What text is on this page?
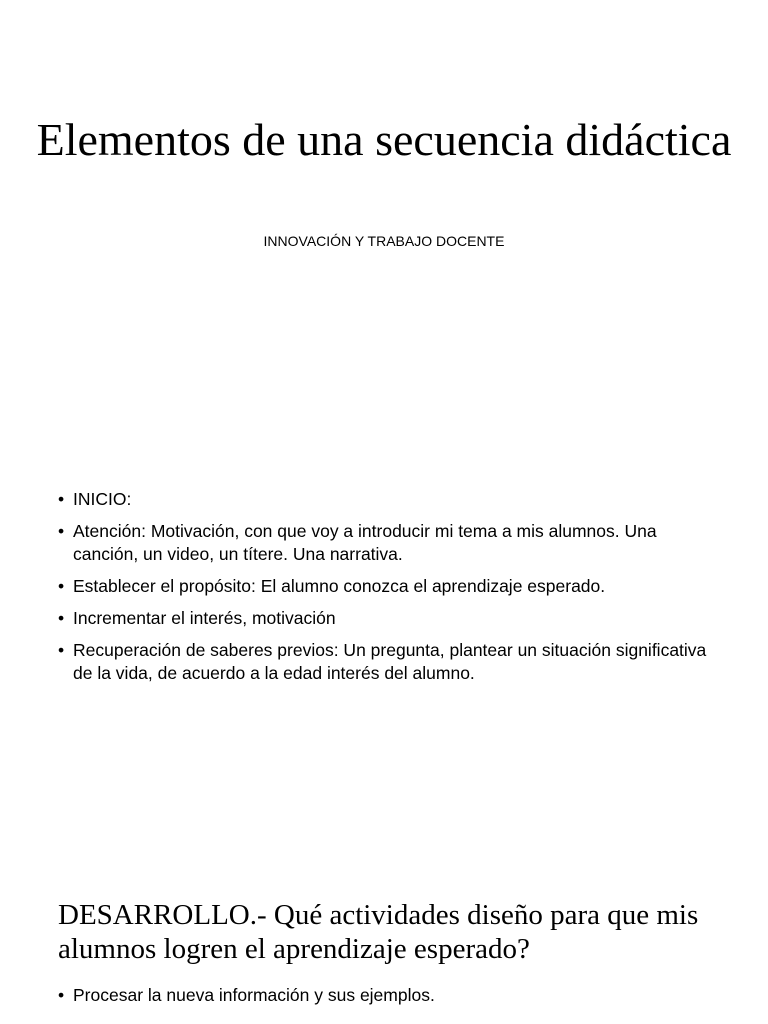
Elementos de una secuencia didáctica

INNOVACIÓN Y TRABAJO DOCENTE

• INICIO:
• Atención: Motivación, con que voy a introducir mi tema a mis alumnos. Una canción, un video, un títere. Una narrativa.
• Establecer el propósito: El alumno conozca el aprendizaje esperado.
• Incrementar el interés, motivación
• Recuperación de saberes previos: Un pregunta, plantear un situación significativa de la vida, de acuerdo a la edad interés del alumno.
DESARROLLO.- Qué actividades diseño para que mis alumnos logren el aprendizaje esperado?
• Procesar la nueva información y sus ejemplos.
